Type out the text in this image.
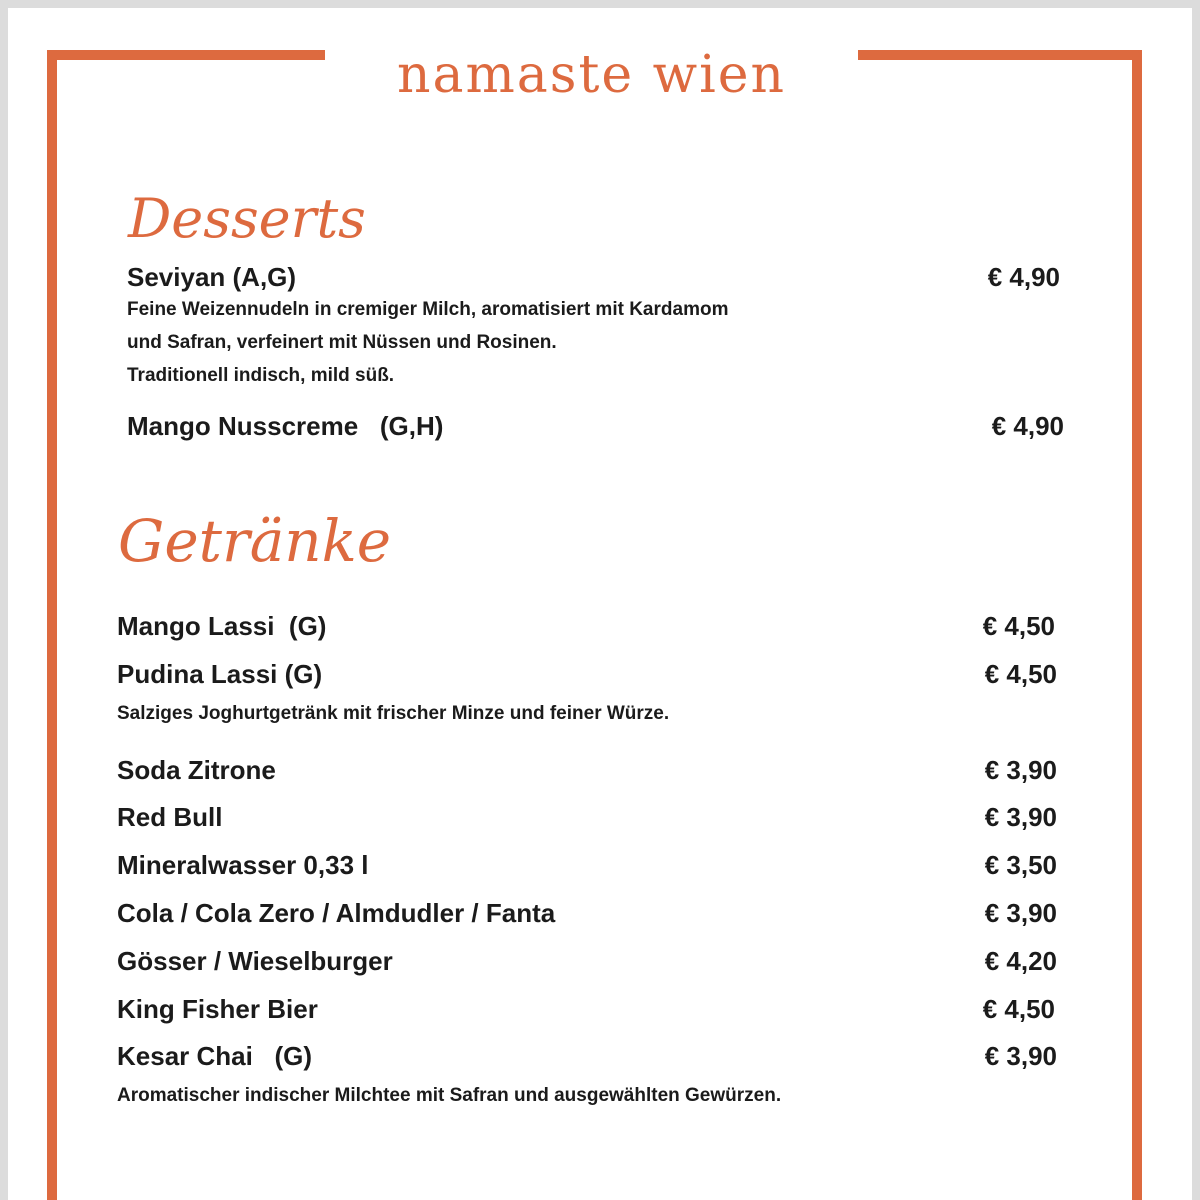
namaste wien
Desserts
Seviyan (A,G)	€ 4,90
Feine Weizennudeln in cremiger Milch, aromatisiert mit Kardamom
und Safran, verfeinert mit Nüssen und Rosinen.
Traditionell indisch, mild süß.
Mango Nusscreme   (G,H)	€ 4,90
Getränke
Mango Lassi  (G)	€ 4,50
Pudina Lassi (G)	€ 4,50
Salziges Joghurtgetränk mit frischer Minze und feiner Würze.
Soda Zitrone	€ 3,90
Red Bull	€ 3,90
Mineralwasser 0,33 l	€ 3,50
Cola / Cola Zero / Almdudler / Fanta	€ 3,90
Gösser / Wieselburger	€ 4,20
King Fisher Bier	€ 4,50
Kesar Chai   (G)	€ 3,90
Aromatischer indischer Milchtee mit Safran und ausgewählten Gewürzen.
